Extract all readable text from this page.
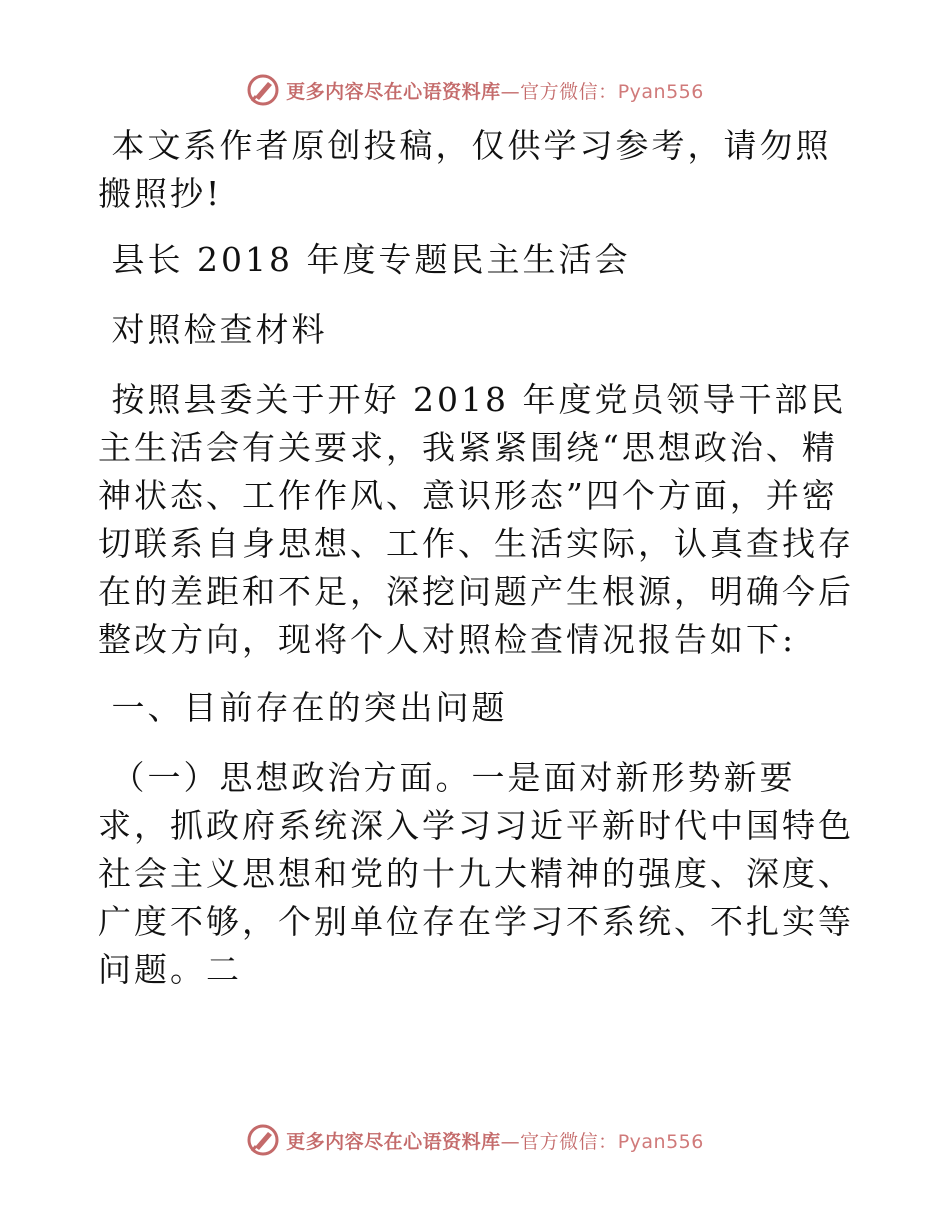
更多内容尽在心语资料库—官方微信：Pyan556

本文系作者原创投稿，仅供学习参考，请勿照搬照抄!

县长 2018 年度专题民主生活会

对照检查材料

按照县委关于开好 2018 年度党员领导干部民主生活会有关要求，我紧紧围绕“思想政治、精神状态、工作作风、意识形态”四个方面，并密切联系自身思想、工作、生活实际，认真查找存在的差距和不足，深挖问题产生根源，明确今后整改方向，现将个人对照检查情况报告如下:

一、目前存在的突出问题

（一）思想政治方面。一是面对新形势新要求，抓政府系统深入学习习近平新时代中国特色社会主义思想和党的十九大精神的强度、深度、广度不够，个别单位存在学习不系统、不扎实等问题。二

更多内容尽在心语资料库—官方微信：Pyan556
